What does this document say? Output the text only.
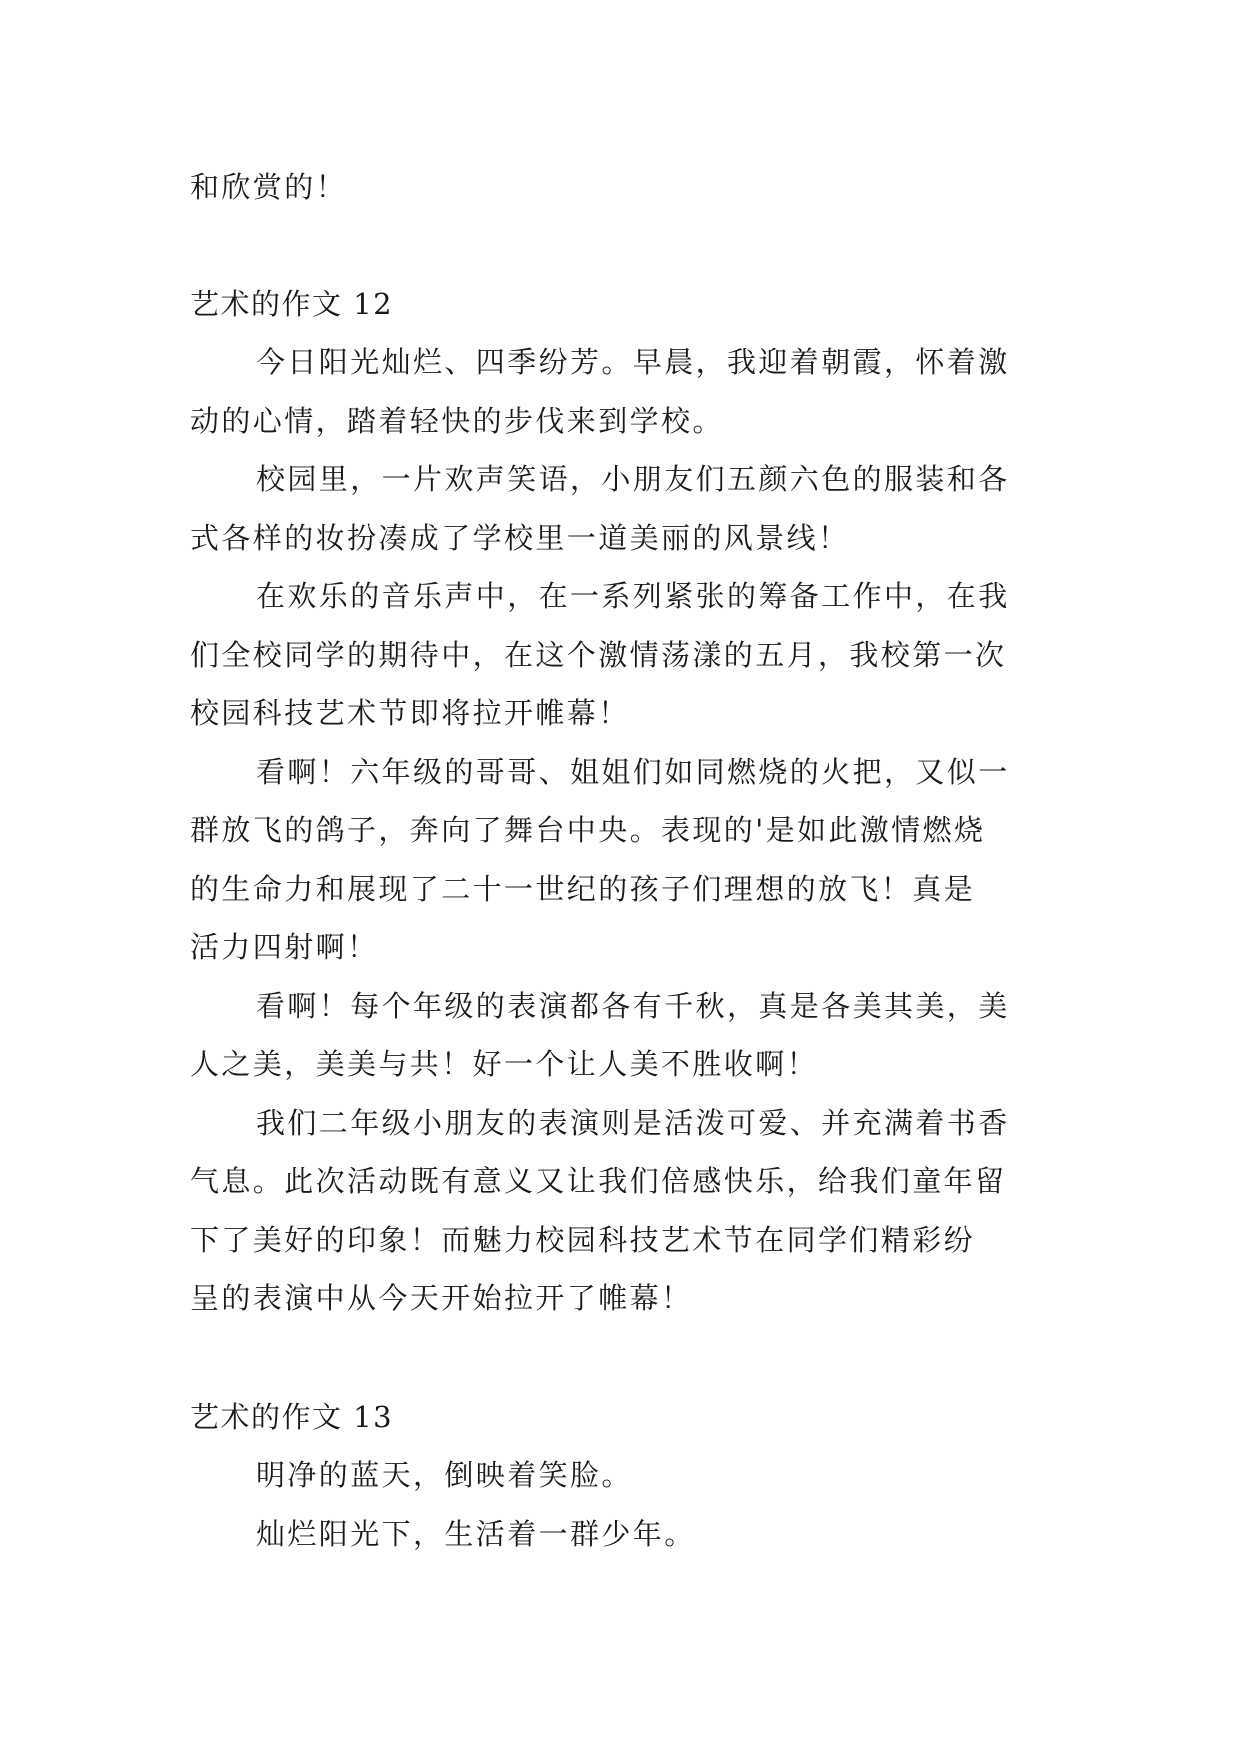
和欣赏的！
艺术的作文 12
今日阳光灿烂、四季纷芳。早晨，我迎着朝霞，怀着激
动的心情，踏着轻快的步伐来到学校。
校园里，一片欢声笑语，小朋友们五颜六色的服装和各
式各样的妆扮凑成了学校里一道美丽的风景线！
在欢乐的音乐声中，在一系列紧张的筹备工作中，在我
们全校同学的期待中，在这个激情荡漾的五月，我校第一次
校园科技艺术节即将拉开帷幕！
看啊！六年级的哥哥、姐姐们如同燃烧的火把，又似一
群放飞的鸽子，奔向了舞台中央。表现的'是如此激情燃烧
的生命力和展现了二十一世纪的孩子们理想的放飞！真是
活力四射啊！
看啊！每个年级的表演都各有千秋，真是各美其美，美
人之美，美美与共！好一个让人美不胜收啊！
我们二年级小朋友的表演则是活泼可爱、并充满着书香
气息。此次活动既有意义又让我们倍感快乐，给我们童年留
下了美好的印象！而魅力校园科技艺术节在同学们精彩纷
呈的表演中从今天开始拉开了帷幕！
艺术的作文 13
明净的蓝天，倒映着笑脸。
灿烂阳光下，生活着一群少年。
